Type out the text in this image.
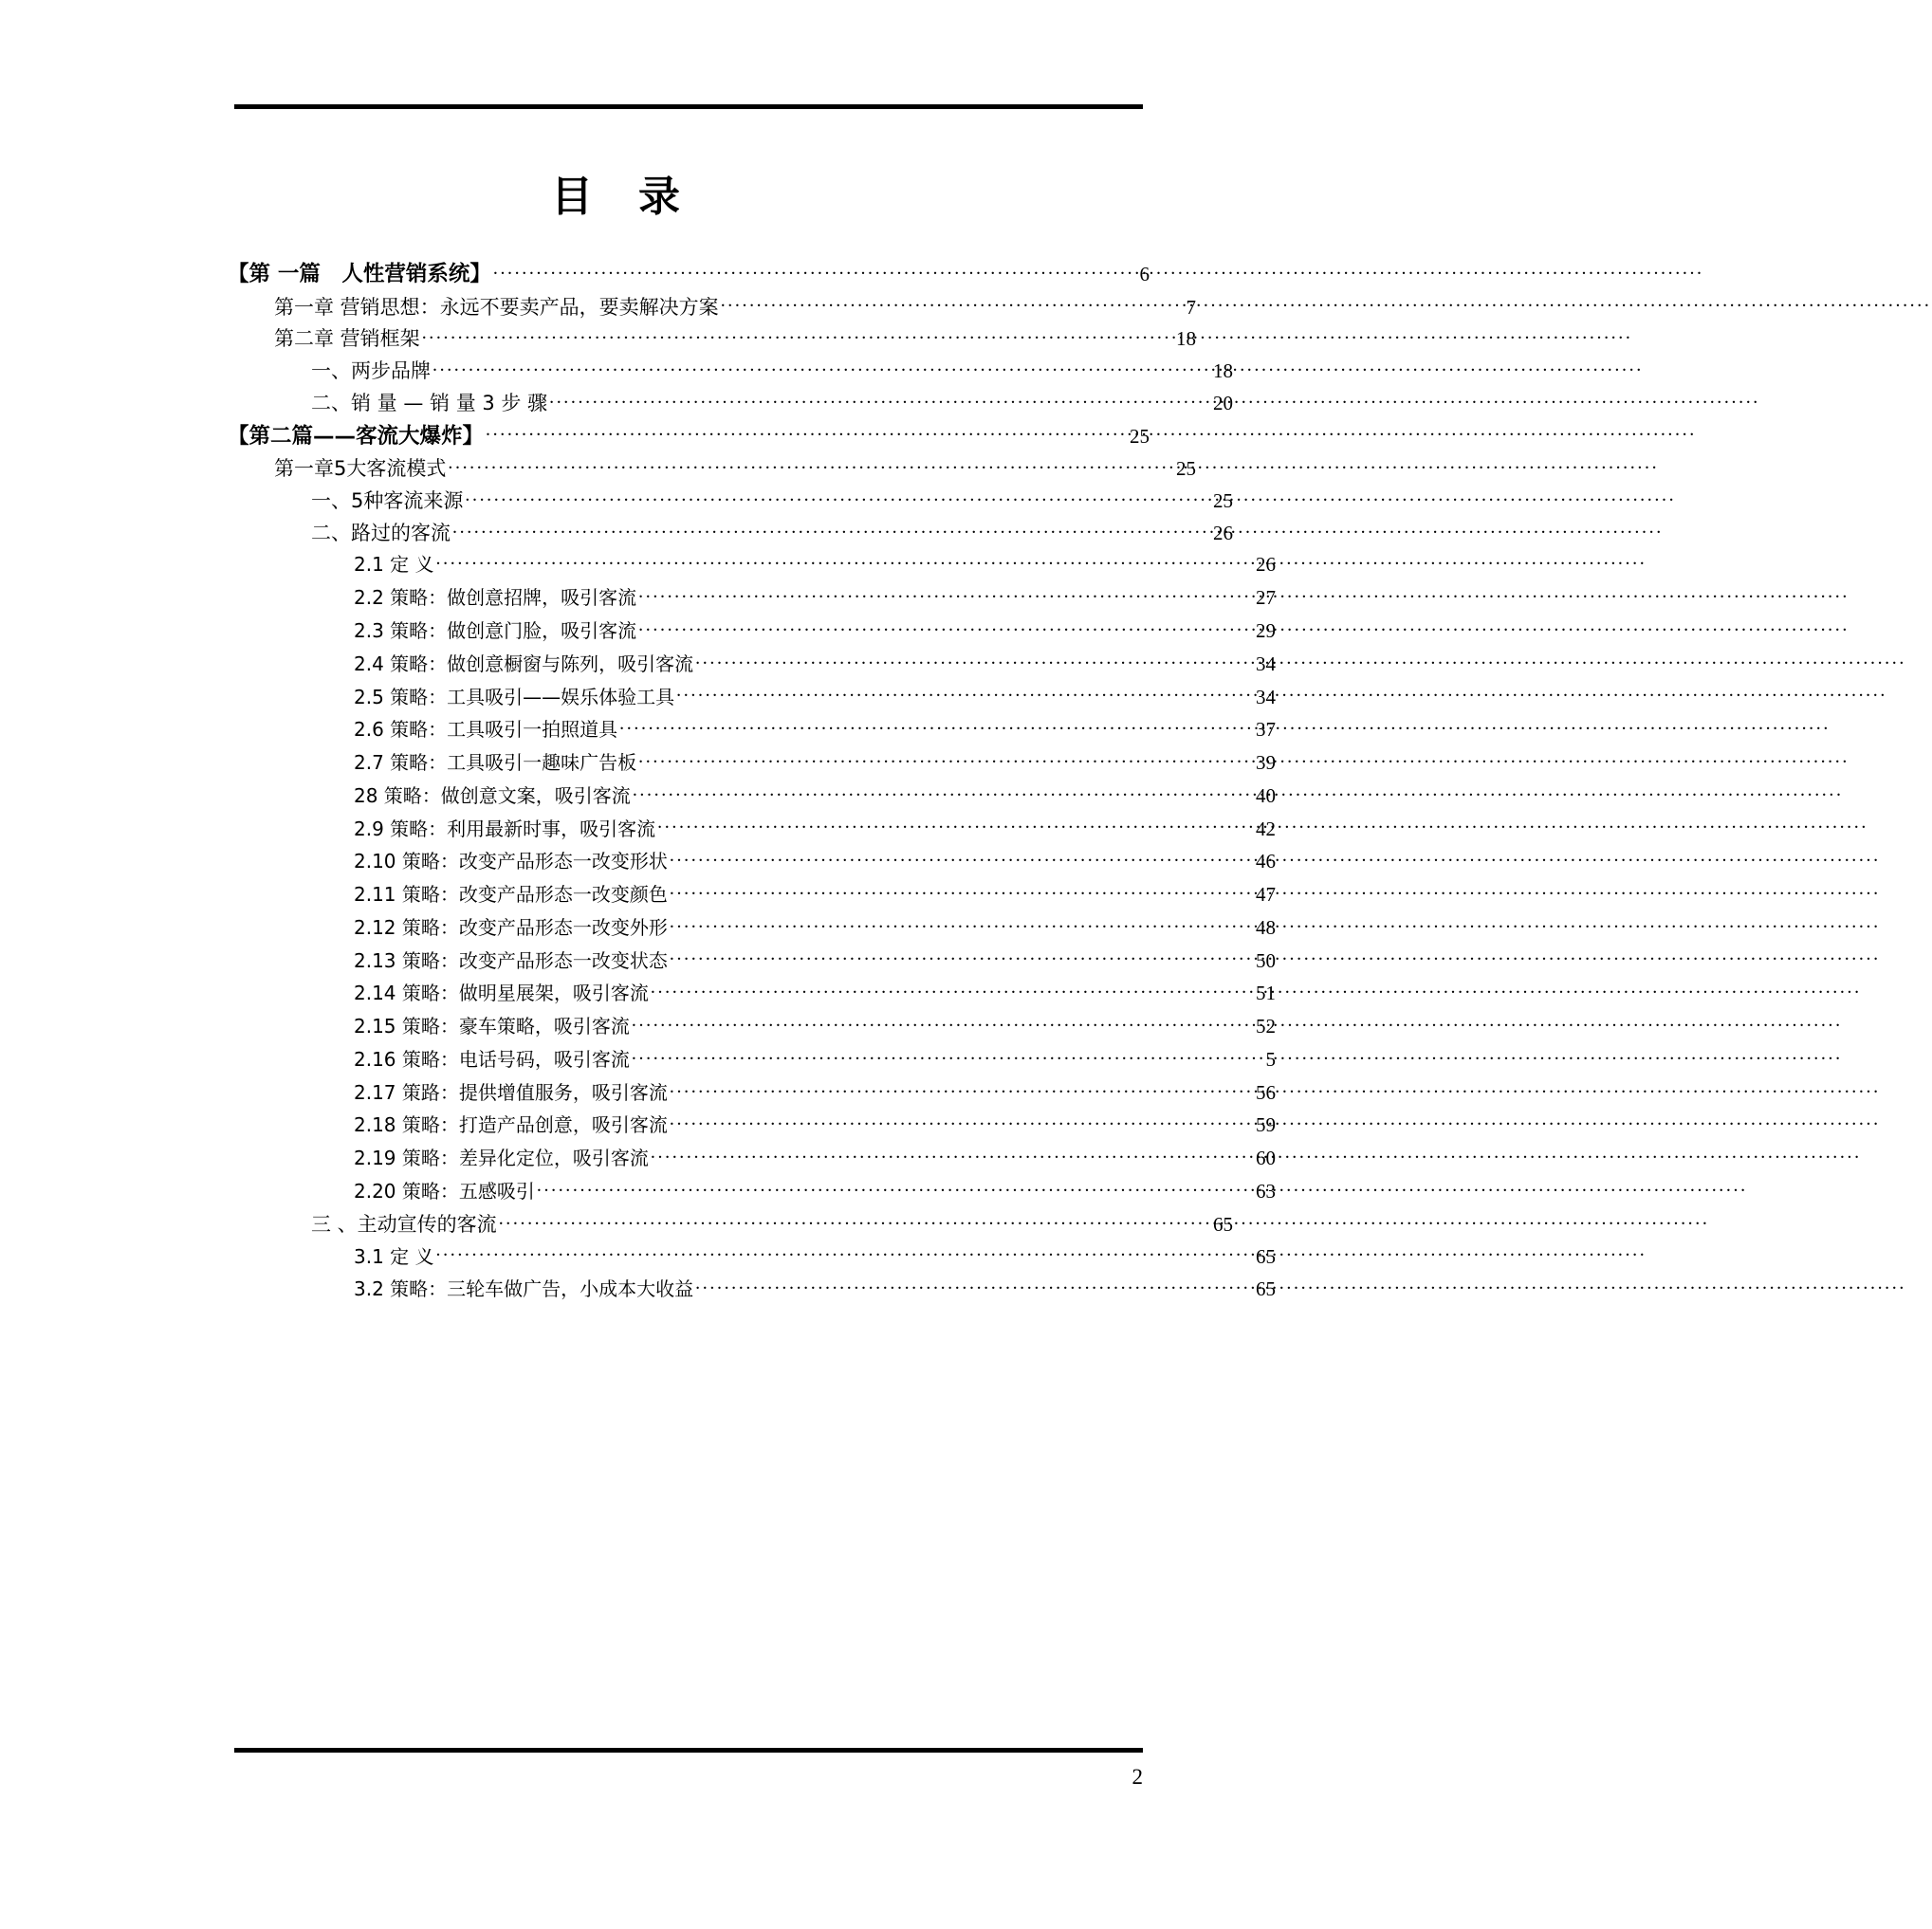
目　录
【第 一篇　人性营销系统】 .....	6
第一章 营销思想：永远不要卖产品，要卖解决方案 .....	7
第二章 营销框架 .....	18
一、两步品牌 .....	18
二、销 量 — 销 量 3 步 骤 .....	20
【第二篇——客流大爆炸】 .....	25
第一章5大客流模式 .....	25
一、5种客流来源 .....	25
二、路过的客流 .....	26
2.1 定 义 .....	26
2.2 策略：做创意招牌，吸引客流 .....	27
2.3 策略：做创意门脸，吸引客流 .....	29
2.4 策略：做创意橱窗与陈列，吸引客流 .....	34
2.5 策略：工具吸引——娱乐体验工具 .....	34
2.6 策略：工具吸引一拍照道具 .....	37
2.7 策略：工具吸引一趣味广告板 .....	39
28 策略：做创意文案，吸引客流 .....	40
2.9 策略：利用最新时事，吸引客流 .....	42
2.10 策略：改变产品形态一改变形状 .....	46
2.11 策略：改变产品形态一改变颜色 .....	47
2.12 策略：改变产品形态一改变外形 .....	48
2.13 策略：改变产品形态一改变状态 .....	50
2.14 策略：做明星展架，吸引客流 .....	51
2.15 策略：豪车策略，吸引客流 .....	52
2.16 策略：电话号码，吸引客流 .....	5
2.17 策路：提供增值服务，吸引客流 .....	56
2.18 策略：打造产品创意，吸引客流 .....	59
2.19 策略：差异化定位，吸引客流 .....	60
2.20 策略：五感吸引 .....	63
三 、主动宣传的客流 .....	65
3.1 定 义 .....	65
3.2 策略：三轮车做广告，小成本大收益 .....	65
2
